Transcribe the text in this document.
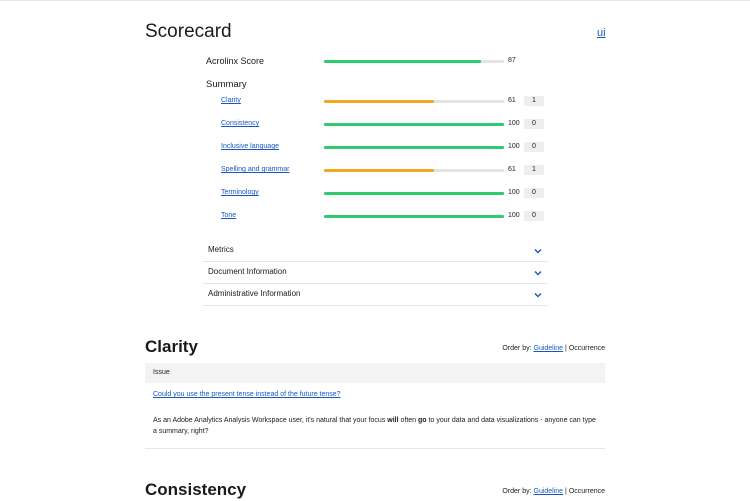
Scorecard	ui
Acrolinx Score	87
Summary
Clarity	61	1
Consistency	100	0
Inclusive language	100	0
Spelling and grammar	61	1
Terminology	100	0
Tone	100	0
Metrics
Document Information
Administrative Information
Clarity	Order by: Guideline | Occurrence
Issue
Could you use the present tense instead of the future tense?

As an Adobe Analytics Analysis Workspace user, it's natural that your focus will often go to your data and data visualizations - anyone can type a summary, right?

Consistency	Order by: Guideline | Occurrence
